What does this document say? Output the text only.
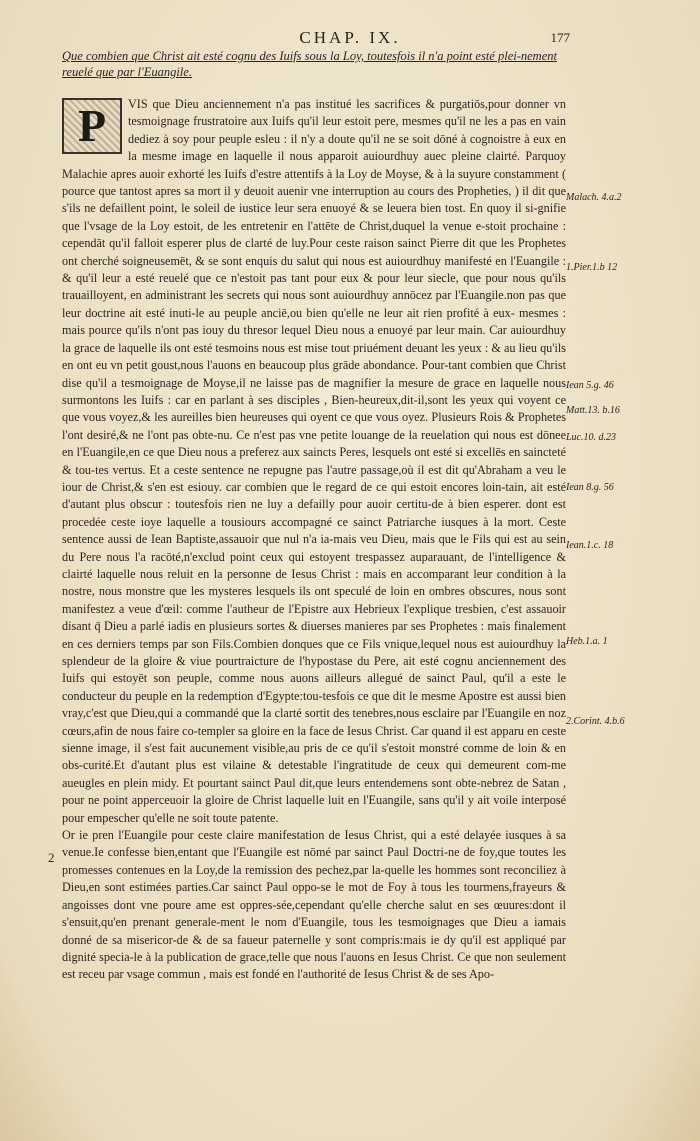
CHAP. IX.	177
Que combien que Christ ait esté cognu des Iuifs sous la Loy, toutesfois il n'a point esté plei-nement reuelé que par l'Euangile.
P	VIS que Dieu anciennement n'a pas institué les sacrifices & purgatiōs,pour donner vn tesmoignage frustratoire aux Iuifs qu'il leur estoit pere, mesmes qu'il ne les a pas en vain dediez à soy pour peuple esleu : il n'y a doute qu'il ne se soit dōné à cognoistre à eux en la mesme image en laquelle il nous apparoit auiourdhuy auec pleine clairté. Parquoy Malachie apres auoir exhorté les Iuifs d'estre attentifs à la Loy de Moyse, & à la suyure constamment ( pource que tantost apres sa mort il y deuoit auenir vne interruption au cours des Propheties, ) il dit que s'ils ne defaillent point, le soleil de iustice leur sera enuoyé & se leuera bien tost. En quoy il si-gnifie que l'vsage de la Loy estoit, de les entretenir en l'attēte de Christ,duquel la venue e-stoit prochaine : cependāt qu'il falloit esperer plus de clarté de luy.Pour ceste raison sainct Pierre dit que les Prophetes ont cherché soigneusemēt, & se sont enquis du salut qui nous est auiourdhuy manifesté en l'Euangile : & qu'il leur a esté reuelé que ce n'estoit pas tant pour eux & pour leur siecle, que pour nous qu'ils trauailloyent, en administrant les secrets qui nous sont auiourdhuy annōcez par l'Euangile.non pas que leur doctrine ait esté inuti-le au peuple anciē,ou bien qu'elle ne leur ait rien profité à eux- mesmes : mais pource qu'ils n'ont pas iouy du thresor lequel Dieu nous a enuoyé par leur main. Car auiourdhuy la grace de laquelle ils ont esté tesmoins nous est mise tout priuément deuant les yeux : & au lieu qu'ils en ont eu vn petit goust,nous l'auons en beaucoup plus grāde abondance. Pour-tant combien que Christ dise qu'il a tesmoignage de Moyse,il ne laisse pas de magnifier la mesure de grace en laquelle nous surmontons les Iuifs : car en parlant à ses disciples , Bien-heureux,dit-il,sont les yeux qui voyent ce que vous voyez,& les aureilles bien heureuses qui oyent ce que vous oyez. Plusieurs Rois & Prophetes l'ont desiré,& ne l'ont pas obte-nu. Ce n'est pas vne petite louange de la reuelation qui nous est dōnee en l'Euangile,en ce que Dieu nous a preferez aux saincts Peres, lesquels ont esté si excellēs en saincteté & tou-tes vertus. Et a ceste sentence ne repugne pas l'autre passage,où il est dit qu'Abraham a veu le iour de Christ,& s'en est esiouy. car combien que le regard de ce qui estoit encores loin-tain, ait esté d'autant plus obscur : toutesfois rien ne luy a defailly pour auoir certitu-de à bien esperer. dont est procedée ceste ioye laquelle a tousiours accompagné ce sainct Patriarche iusques à la mort. Ceste sentence aussi de Iean Baptiste,assauoir que nul n'a ia-mais veu Dieu, mais que le Fils qui est au sein du Pere nous l'a racōté,n'exclud point ceux qui estoyent trespassez auparauant, de l'intelligence & clairté laquelle nous reluit en la personne de Iesus Christ : mais en accomparant leur condition à la nostre, nous monstre que les mysteres lesquels ils ont speculé de loin en ombres obscures, nous sont manifestez a veue d'œil: comme l'autheur de l'Epistre aux Hebrieux l'explique tresbien, c'est assauoir disant q̄ Dieu a parlé iadis en plusieurs sortes & diuerses manieres par ses Prophetes : mais finalement en ces derniers temps par son Fils.Combien donques que ce Fils vnique,lequel nous est auiourdhuy la splendeur de la gloire & viue pourtraicture de l'hypostase du Pere, ait esté cognu anciennement des Iuifs qui estoyēt son peuple, comme nous auons ailleurs allegué de sainct Paul, qu'il a este le conducteur du peuple en la redemption d'Egypte:tou-tesfois ce que dit le mesme Apostre est aussi bien vray,c'est que Dieu,qui a commandé que la clarté sortit des tenebres,nous esclaire par l'Euangile en noz cœurs,afin de nous faire co-templer sa gloire en la face de Iesus Christ. Car quand il est apparu en ceste sienne image, il s'est fait aucunement visible,au pris de ce qu'il s'estoit monstré comme de loin & en obs-curité.Et d'autant plus est vilaine & detestable l'ingratitude de ceux qui demeurent com-me aueugles en plein midy. Et pourtant sainct Paul dit,que leurs entendemens sont obte-nebrez de Satan , pour ne point apperceuoir la gloire de Christ laquelle luit en l'Euangile, sans qu'il y ait voile interposé pour empescher qu'elle ne soit toute patente.

Or ie pren l'Euangile pour ceste claire manifestation de Iesus Christ, qui a esté delayée iusques à sa venue.Ie confesse bien,entant que l'Euangile est nōmé par sainct Paul Doctri-ne de foy,que toutes les promesses contenues en la Loy,de la remission des pechez,par la-quelle les hommes sont reconciliez à Dieu,en sont estimées parties.Car sainct Paul oppo-se le mot de Foy à tous les tourmens,frayeurs & angoisses dont vne poure ame est oppres-sée,cependant qu'elle cherche salut en ses œuures:dont il s'ensuit,qu'en prenant generale-ment le nom d'Euangile, tous les tesmoignages que Dieu a iamais donné de sa misericor-de & de sa faueur paternelle y sont compris:mais ie dy qu'il est appliqué par dignité specia-le à la publication de grace,telle que nous l'auons en Iesus Christ. Ce que non seulement est receu par vsage commun , mais est fondé en l'authorité de Iesus Christ & de ses Apo-

2
Malach. 4.a.2
1.Pier.1.b 12
Iean 5.g. 46
Matt.13. b.16
Luc.10. d.23
Iean 8.g. 56
Iean.1.c. 18
Heb.1.a. 1
2.Corint. 4.b.6
